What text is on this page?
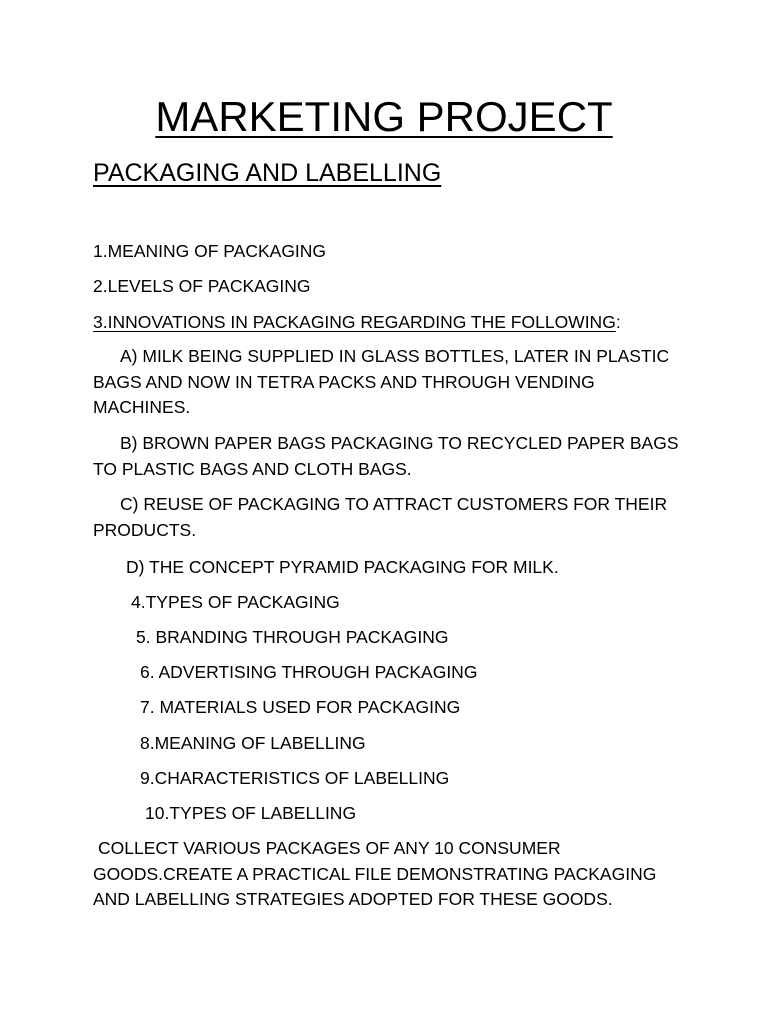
MARKETING PROJECT
PACKAGING AND LABELLING
1.MEANING OF PACKAGING
2.LEVELS OF PACKAGING
3.INNOVATIONS IN PACKAGING REGARDING THE FOLLOWING:
A) MILK BEING SUPPLIED IN GLASS BOTTLES, LATER IN PLASTIC BAGS AND NOW IN TETRA PACKS AND THROUGH VENDING MACHINES.
B) BROWN PAPER BAGS PACKAGING TO RECYCLED PAPER BAGS TO PLASTIC BAGS AND CLOTH BAGS.
C) REUSE OF PACKAGING TO ATTRACT CUSTOMERS FOR THEIR PRODUCTS.
D) THE CONCEPT PYRAMID PACKAGING FOR MILK.
4.TYPES OF PACKAGING
5. BRANDING THROUGH PACKAGING
6. ADVERTISING THROUGH PACKAGING
7. MATERIALS USED FOR PACKAGING
8.MEANING OF LABELLING
9.CHARACTERISTICS OF LABELLING
10.TYPES OF LABELLING
COLLECT VARIOUS PACKAGES OF ANY 10 CONSUMER GOODS.CREATE A PRACTICAL FILE DEMONSTRATING PACKAGING AND LABELLING STRATEGIES ADOPTED FOR THESE GOODS.
